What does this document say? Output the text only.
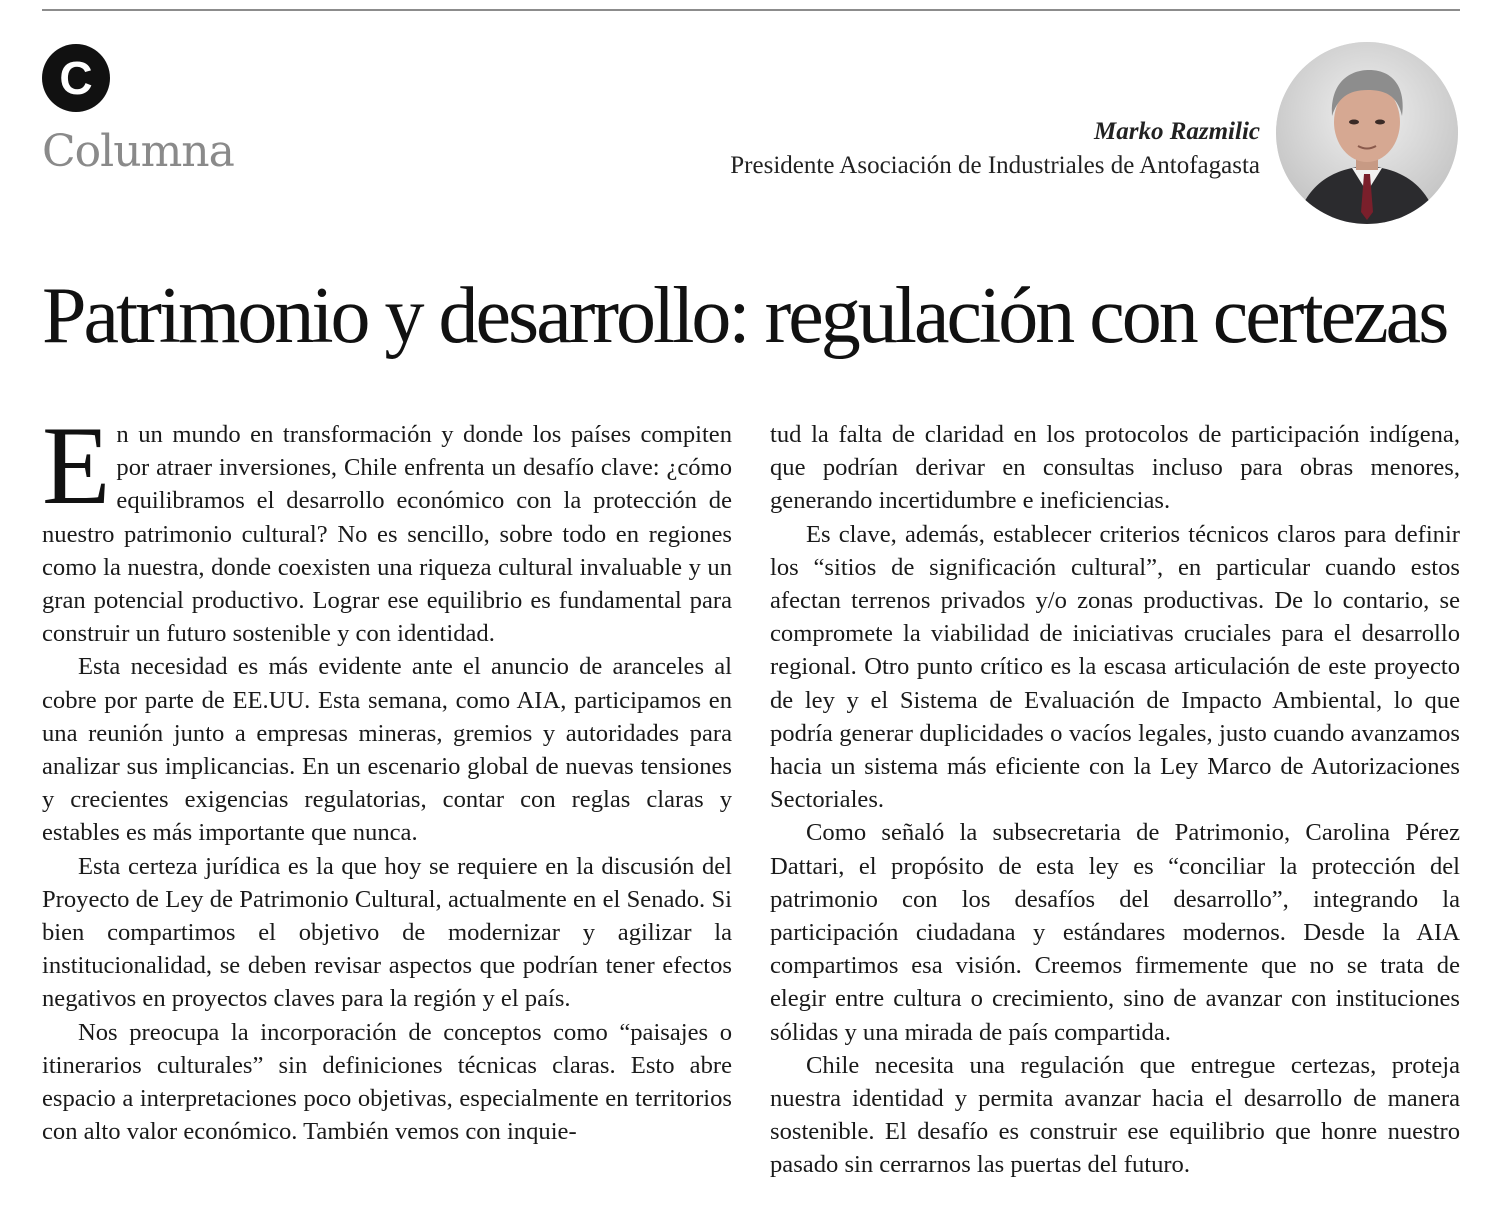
C
Columna	Marko Razmilic
Presidente Asociación de Industriales de Antofagasta
Patrimonio y desarrollo: regulación con certezas

En un mundo en transformación y donde los países compiten por atraer inversiones, Chile enfrenta un desafío clave: ¿cómo equilibramos el desarrollo económico con la protección de nuestro patrimonio cultural? No es sencillo, sobre todo en regiones como la nuestra, donde coexisten una riqueza cultural invaluable y un gran potencial productivo. Lograr ese equilibrio es fundamental para construir un futuro sostenible y con identidad.

Esta necesidad es más evidente ante el anuncio de aranceles al cobre por parte de EE.UU. Esta semana, como AIA, participamos en una reunión junto a empresas mineras, gremios y autoridades para analizar sus implicancias. En un escenario global de nuevas tensiones y crecientes exigencias regulatorias, contar con reglas claras y estables es más importante que nunca.

Esta certeza jurídica es la que hoy se requiere en la discusión del Proyecto de Ley de Patrimonio Cultural, actualmente en el Senado. Si bien compartimos el objetivo de modernizar y agilizar la institucionalidad, se deben revisar aspectos que podrían tener efectos negativos en proyectos claves para la región y el país.

Nos preocupa la incorporación de conceptos como “paisajes o itinerarios culturales” sin definiciones técnicas claras. Esto abre espacio a interpretaciones poco objetivas, especialmente en territorios con alto valor económico. También vemos con inquie-

tud la falta de claridad en los protocolos de participación indígena, que podrían derivar en consultas incluso para obras menores, generando incertidumbre e ineficiencias.

Es clave, además, establecer criterios técnicos claros para definir los “sitios de significación cultural”, en particular cuando estos afectan terrenos privados y/o zonas productivas. De lo contario, se compromete la viabilidad de iniciativas cruciales para el desarrollo regional. Otro punto crítico es la escasa articulación de este proyecto de ley y el Sistema de Evaluación de Impacto Ambiental, lo que podría generar duplicidades o vacíos legales, justo cuando avanzamos hacia un sistema más eficiente con la Ley Marco de Autorizaciones Sectoriales.

Como señaló la subsecretaria de Patrimonio, Carolina Pérez Dattari, el propósito de esta ley es “conciliar la protección del patrimonio con los desafíos del desarrollo”, integrando la participación ciudadana y estándares modernos. Desde la AIA compartimos esa visión. Creemos firmemente que no se trata de elegir entre cultura o crecimiento, sino de avanzar con instituciones sólidas y una mirada de país compartida.

Chile necesita una regulación que entregue certezas, proteja nuestra identidad y permita avanzar hacia el desarrollo de manera sostenible. El desafío es construir ese equilibrio que honre nuestro pasado sin cerrarnos las puertas del futuro.
